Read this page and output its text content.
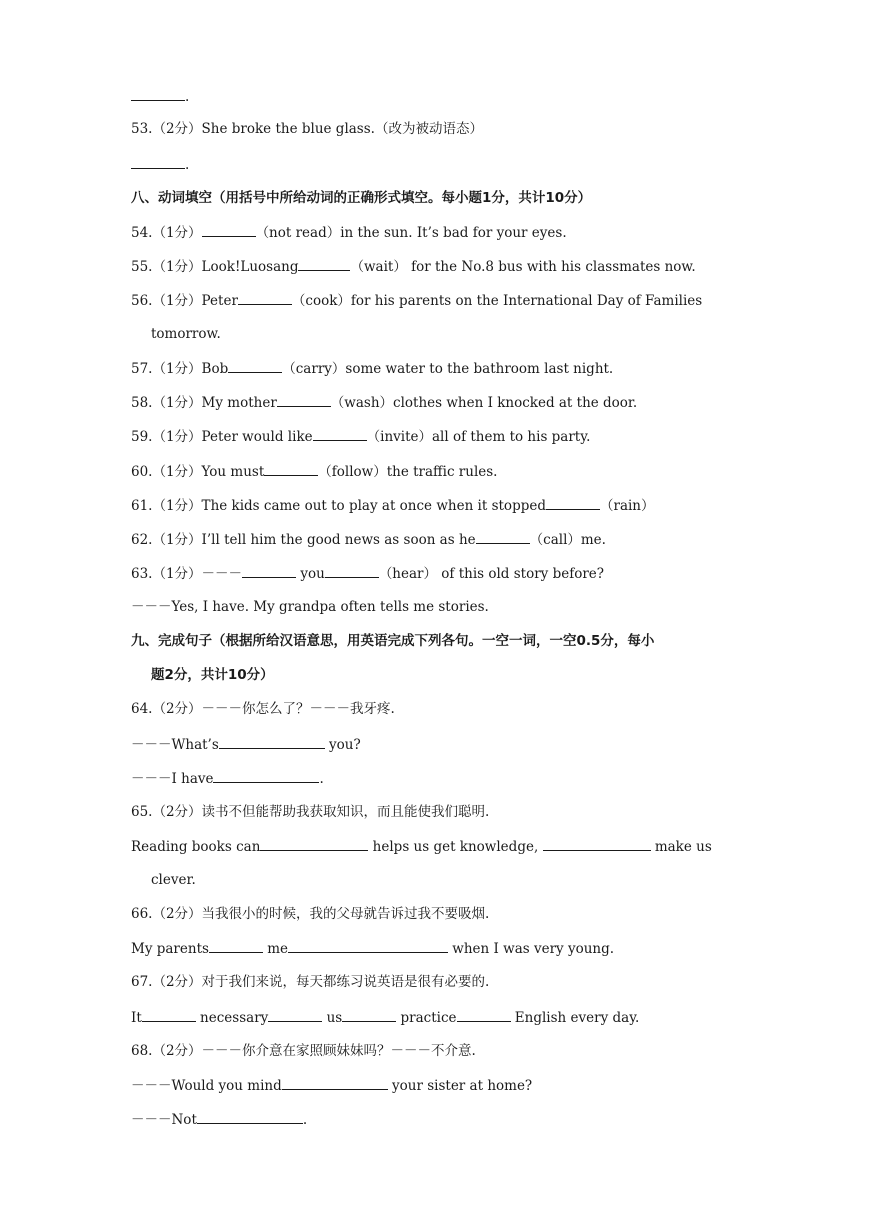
.
53.（2分）She broke the blue glass.（改为被动语态）
.
八、动词填空（用括号中所给动词的正确形式填空。每小题1分，共计10分）
54.（1分）	（not read）in the sun. It’s bad for your eyes.
55.（1分）Look!Luosang	（wait） for the No.8 bus with his classmates now.
56.（1分）Peter	（cook）for his parents on the International Day of Families
tomorrow.
57.（1分）Bob	（carry）some water to the bathroom last night.
58.（1分）My mother	（wash）clothes when I knocked at the door.
59.（1分）Peter would like	（invite）all of them to his party.
60.（1分）You must	（follow）the traffic rules.
61.（1分）The kids came out to play at once when it stopped	（rain）
62.（1分）I’ll tell him the good news as soon as he	（call）me.
63.（1分）－－－	you	（hear） of this old story before?
－－－Yes, I have. My grandpa often tells me stories.
九、完成句子（根据所给汉语意思，用英语完成下列各句。一空一词，一空0.5分，每小
题2分，共计10分）
64.（2分）－－－你怎么了？－－－我牙疼.
－－－What’s	you?
－－－I have	.
65.（2分）读书不但能帮助我获取知识，而且能使我们聪明.
Reading books can	helps us get knowledge,	make us
clever.
66.（2分）当我很小的时候，我的父母就告诉过我不要吸烟.
My parents	me	when I was very young.
67.（2分）对于我们来说，每天都练习说英语是很有必要的.
It	necessary	us	practice	English every day.
68.（2分）－－－你介意在家照顾妹妹吗？－－－不介意.
－－－Would you mind	your sister at home?
－－－Not	.
